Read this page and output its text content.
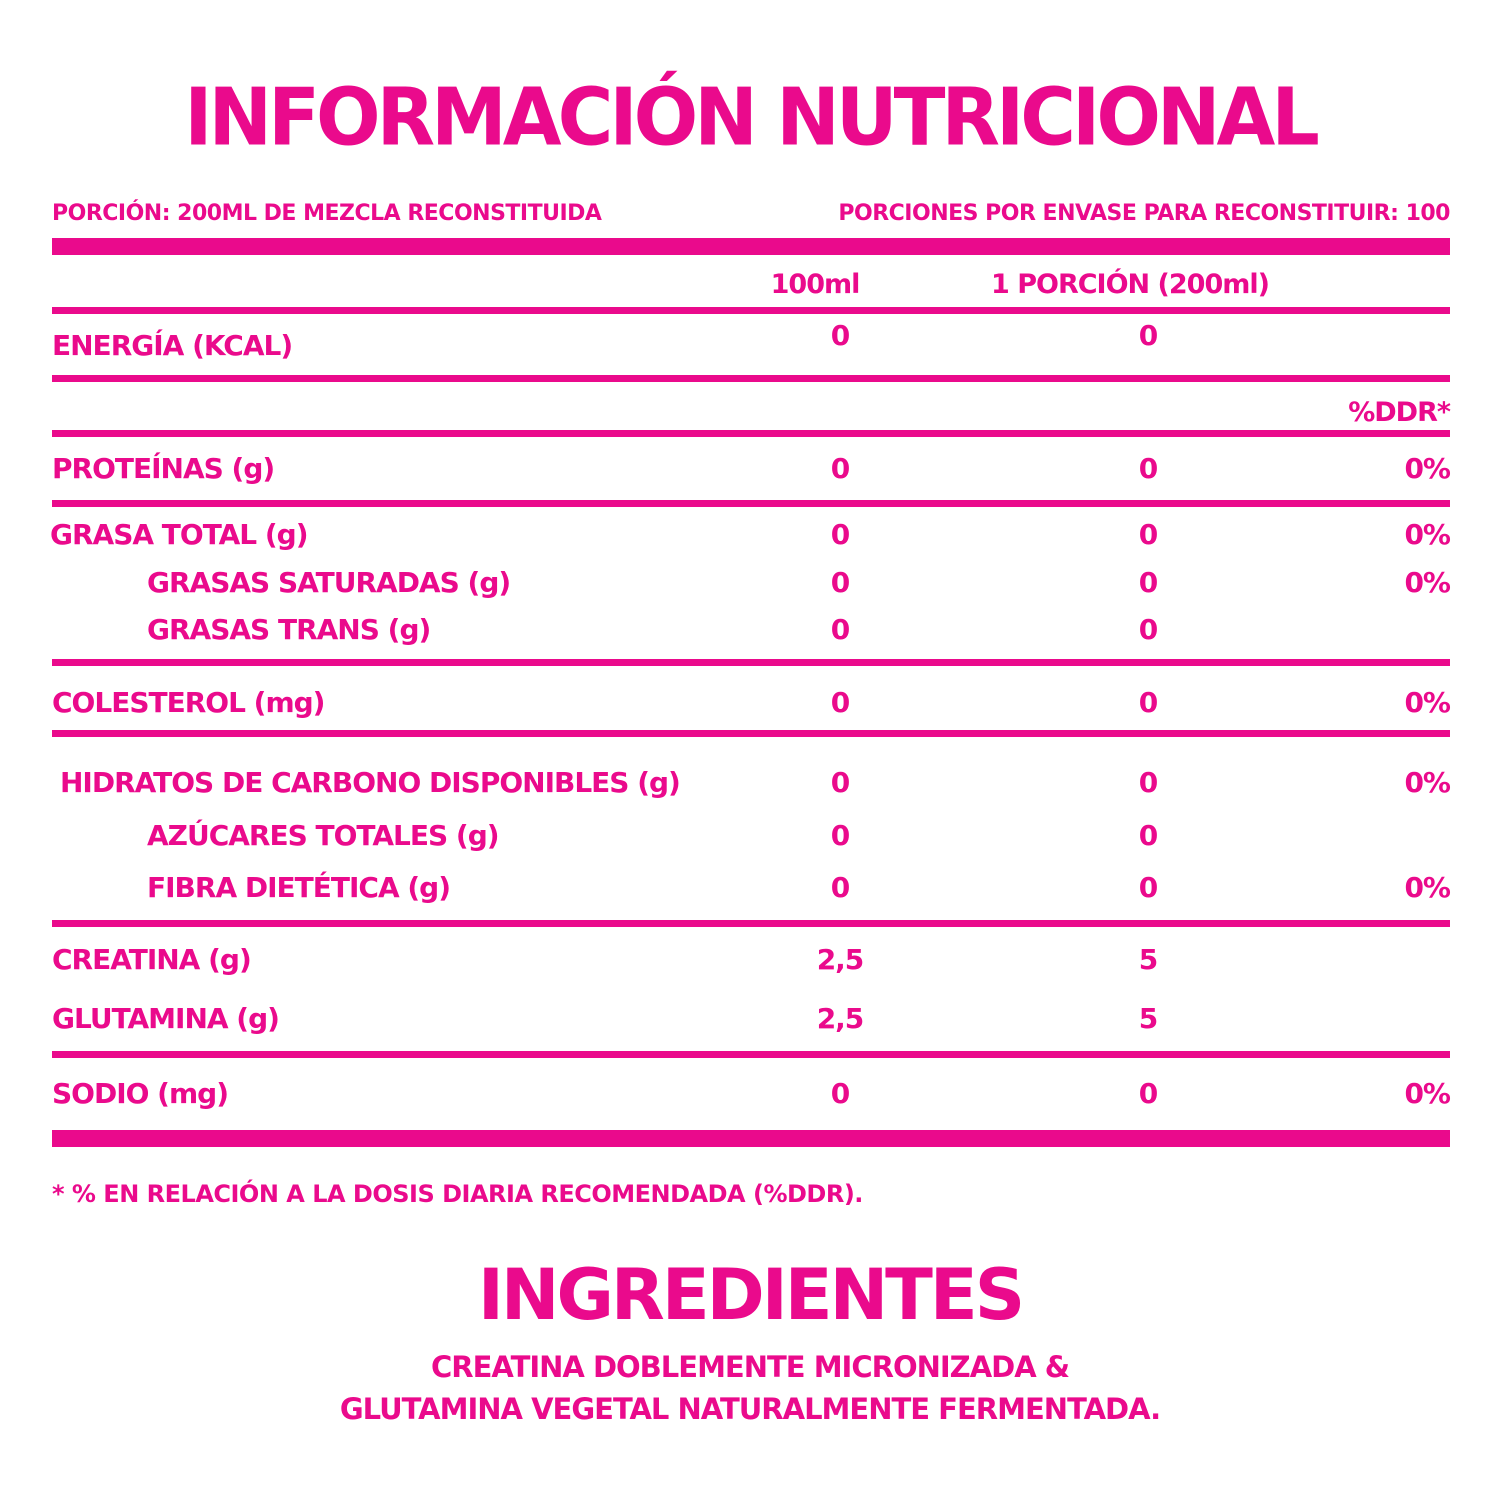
INFORMACIÓN NUTRICIONAL
PORCIÓN: 200ML DE MEZCLA RECONSTITUIDA	PORCIONES POR ENVASE PARA RECONSTITUIR: 100
100ml	1 PORCIÓN (200ml)
ENERGÍA (KCAL)	0	0
%DDR*
PROTEÍNAS (g)	0	0	0%
GRASA TOTAL (g)	0	0	0%
GRASAS SATURADAS (g)	0	0	0%
GRASAS TRANS (g)	0	0
COLESTEROL (mg)	0	0	0%
HIDRATOS DE CARBONO DISPONIBLES (g)	0	0	0%
AZÚCARES TOTALES (g)	0	0
FIBRA DIETÉTICA (g)	0	0	0%
CREATINA (g)	2,5	5
GLUTAMINA (g)	2,5	5
SODIO (mg)	0	0	0%
* % EN RELACIÓN A LA DOSIS DIARIA RECOMENDADA (%DDR).
INGREDIENTES
CREATINA DOBLEMENTE MICRONIZADA &
GLUTAMINA VEGETAL NATURALMENTE FERMENTADA.
